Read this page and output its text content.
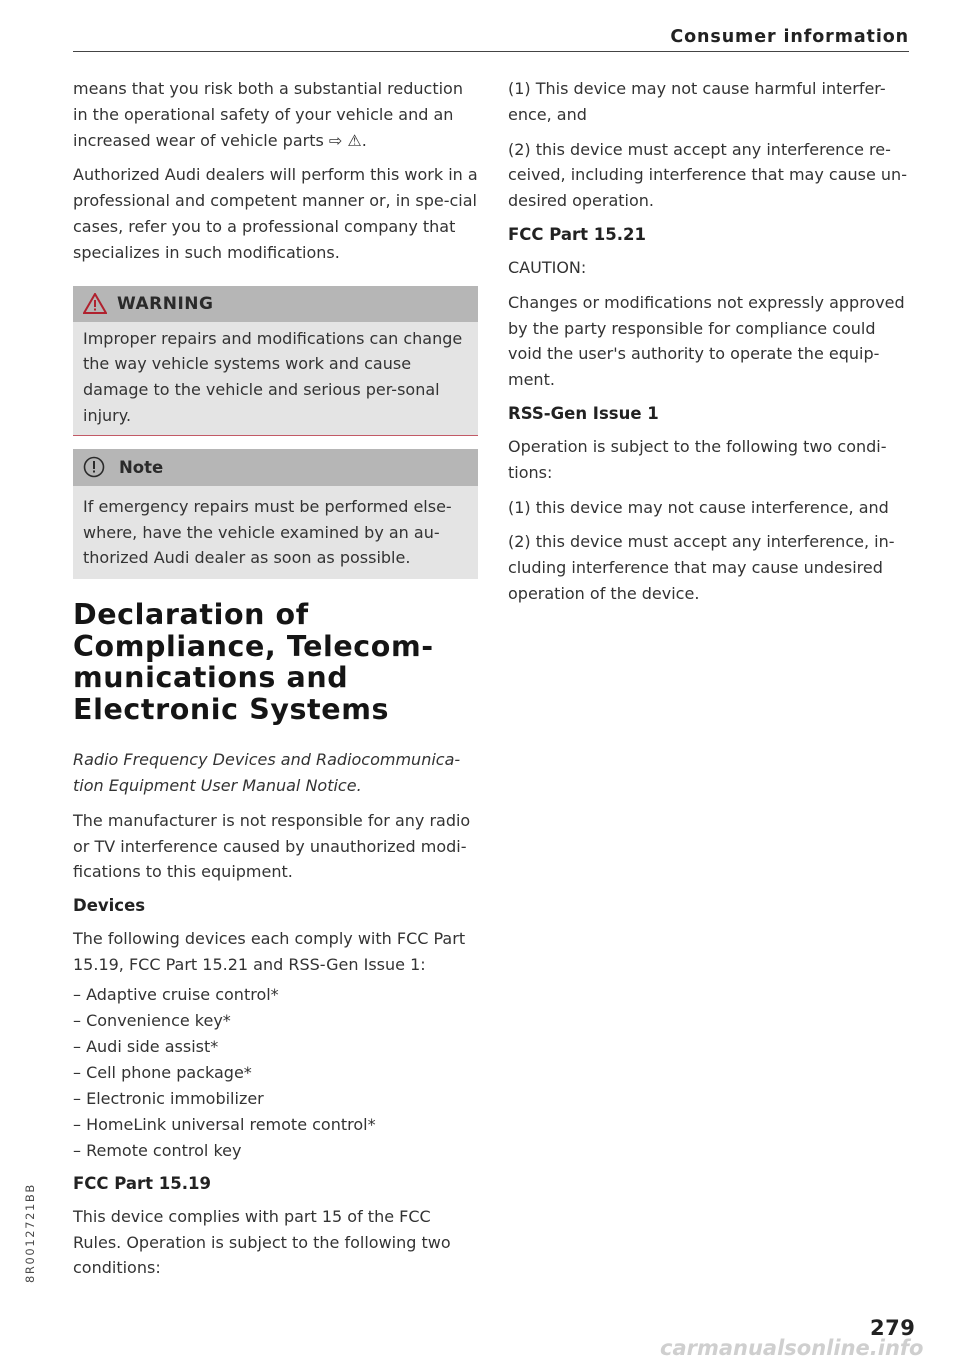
Consumer information

means that you risk both a substantial reduction in the operational safety of your vehicle and an increased wear of vehicle parts ⇨ ⚠.

Authorized Audi dealers will perform this work in a professional and competent manner or, in spe-cial cases, refer you to a professional company that specializes in such modifications.

WARNING

Improper repairs and modifications can change the way vehicle systems work and cause damage to the vehicle and serious per-sonal injury.

Note

If emergency repairs must be performed else-where, have the vehicle examined by an au-thorized Audi dealer as soon as possible.

Declaration of Compliance, Telecom-munications and Electronic Systems

Radio Frequency Devices and Radiocommunica-tion Equipment User Manual Notice.

The manufacturer is not responsible for any radio or TV interference caused by unauthorized modi-fications to this equipment.

Devices

The following devices each comply with FCC Part 15.19, FCC Part 15.21 and RSS-Gen Issue 1:

– Adaptive cruise control*
– Convenience key*
– Audi side assist*
– Cell phone package*
– Electronic immobilizer
– HomeLink universal remote control*
– Remote control key
FCC Part 15.19

This device complies with part 15 of the FCC Rules. Operation is subject to the following two conditions:

(1) This device may not cause harmful interfer-ence, and

(2) this device must accept any interference re-ceived, including interference that may cause un-desired operation.

FCC Part 15.21

CAUTION:

Changes or modifications not expressly approved by the party responsible for compliance could void the user's authority to operate the equip-ment.

RSS-Gen Issue 1

Operation is subject to the following two condi-tions:

(1) this device may not cause interference, and

(2) this device must accept any interference, in-cluding interference that may cause undesired operation of the device.

8R0012721BB
279
carmanualsonline.info
